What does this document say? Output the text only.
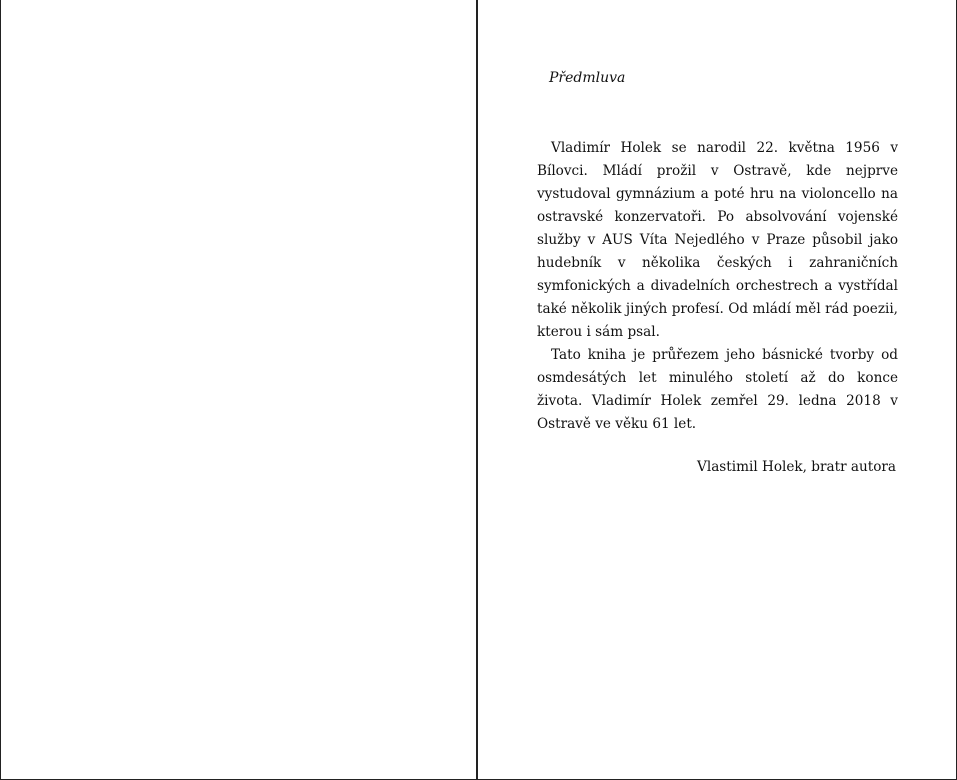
Předmluva

Vladimír Holek se narodil 22. května 1956 v Bílovci. Mládí prožil v Ostravě, kde nejprve vystudoval gymnázium a poté hru na violoncello na ostravské konzervatoři. Po absolvování vojenské služby v AUS Víta Nejedlého v Praze působil jako hudebník v několika českých i zahraničních symfonických a divadelních orchestrech a vystřídal také několik jiných profesí. Od mládí měl rád poezii, kterou i sám psal.

Tato kniha je průřezem jeho básnické tvorby od osmdesátých let minulého století až do konce života. Vladimír Holek zemřel 29. ledna 2018 v Ostravě ve věku 61 let.

Vlastimil Holek, bratr autora
